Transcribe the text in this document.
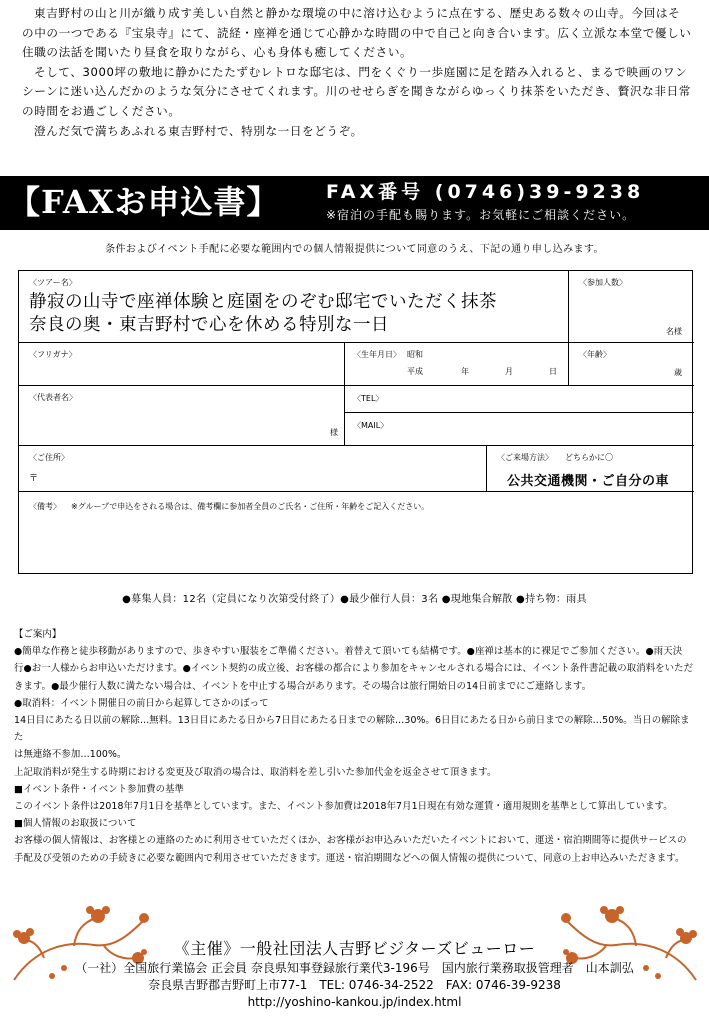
東吉野村の山と川が織り成す美しい自然と静かな環境の中に溶け込むように点在する、歴史ある数々の山寺。今回はその中の一つである『宝泉寺』にて、読経・座禅を通じて心静かな時間の中で自己と向き合います。広く立派な本堂で優しい住職の法話を聞いたり昼食を取りながら、心も身体も癒してください。

そして、3000坪の敷地に静かにたたずむレトロな邸宅は、門をくぐり一歩庭園に足を踏み入れると、まるで映画のワンシーンに迷い込んだかのような気分にさせてくれます。川のせせらぎを聞きながらゆっくり抹茶をいただき、贅沢な非日常の時間をお過ごしください。

澄んだ気で満ちあふれる東吉野村で、特別な一日をどうぞ。

【FAXお申込書】 FAX番号 (0746)39-9238
※宿泊の手配も賜ります。お気軽にご相談ください。
条件およびイベント手配に必要な範囲内での個人情報提供について同意のうえ、下記の通り申し込みます。
〈ツアー名〉
静寂の山寺で座禅体験と庭園をのぞむ邸宅でいただく抹茶
奈良の奥・東吉野村で心を休める特別な一日
〈参加人数〉
名様
〈フリガナ〉	〈生年月日〉 昭和
平成	年	月	日
〈年齢〉
歳
〈代表者名〉
様
〈TEL〉
〈MAIL〉
〈ご住所〉
〒
〈ご来場方法〉 どちらかに〇
公共交通機関・ご自分の車
〈備考〉 ※グループで申込をされる場合は、備考欄に参加者全員のご氏名・ご住所・年齢をご記入ください。
●募集人員：12名（定員になり次第受付終了）●最少催行人員：3名 ●現地集合解散 ●持ち物：雨具
【ご案内】
●簡単な作務と徒歩移動がありますので、歩きやすい服装をご準備ください。着替えて頂いても結構です。●座禅は基本的に裸足でご参加ください。●雨天決
行●お一人様からお申込いただけます。●イベント契約の成立後、お客様の都合により参加をキャンセルされる場合には、イベント条件書記載の取消料をいただ
きます。●最少催行人数に満たない場合は、イベントを中止する場合があります。その場合は旅行開始日の14日前までにご連絡します。
●取消料：イベント開催日の前日から起算してさかのぼって
14日目にあたる日以前の解除…無料。13日目にあたる日から7日目にあたる日までの解除…30%。6日目にあたる日から前日までの解除…50%。当日の解除また
は無連絡不参加…100%。
上記取消料が発生する時期における変更及び取消の場合は、取消料を差し引いた参加代金を返金させて頂きます。
■イベント条件・イベント参加費の基準
このイベント条件は2018年7月1日を基準としています。また、イベント参加費は2018年7月1日現在有効な運賃・適用規則を基準として算出しています。
■個人情報のお取扱について
お客様の個人情報は、お客様との連絡のために利用させていただくほか、お客様がお申込みいただいたイベントにおいて、運送・宿泊期間等に提供サービスの
手配及び受領のための手続きに必要な範囲内で利用させていただきます。運送・宿泊期間などへの個人情報の提供について、同意の上お申込みいただきます。
《主催》一般社団法人吉野ビジターズビューロー
（一社）全国旅行業協会 正会員 奈良県知事登録旅行業代3-196号　国内旅行業務取扱管理者　山本訓弘
奈良県吉野郡吉野町上市77-1　TEL: 0746-34-2522　FAX: 0746-39-9238
http://yoshino-kankou.jp/index.html
